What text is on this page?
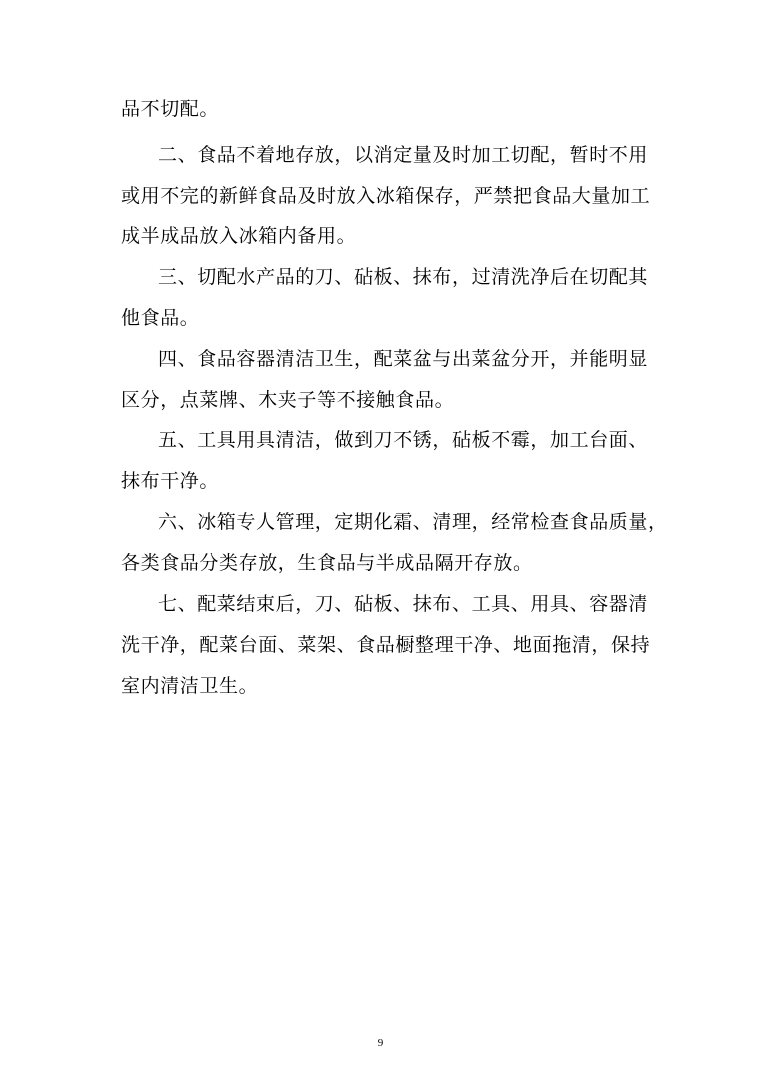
品不切配。
二、食品不着地存放，以消定量及时加工切配，暂时不用
或用不完的新鲜食品及时放入冰箱保存，严禁把食品大量加工
成半成品放入冰箱内备用。
三、切配水产品的刀、砧板、抹布，过清洗净后在切配其
他食品。
四、食品容器清洁卫生，配菜盆与出菜盆分开，并能明显
区分，点菜牌、木夹子等不接触食品。
五、工具用具清洁，做到刀不锈，砧板不霉，加工台面、
抹布干净。
六、冰箱专人管理，定期化霜、清理，经常检查食品质量，
各类食品分类存放，生食品与半成品隔开存放。
七、配菜结束后，刀、砧板、抹布、工具、用具、容器清
洗干净，配菜台面、菜架、食品橱整理干净、地面拖清，保持
室内清洁卫生。
9
